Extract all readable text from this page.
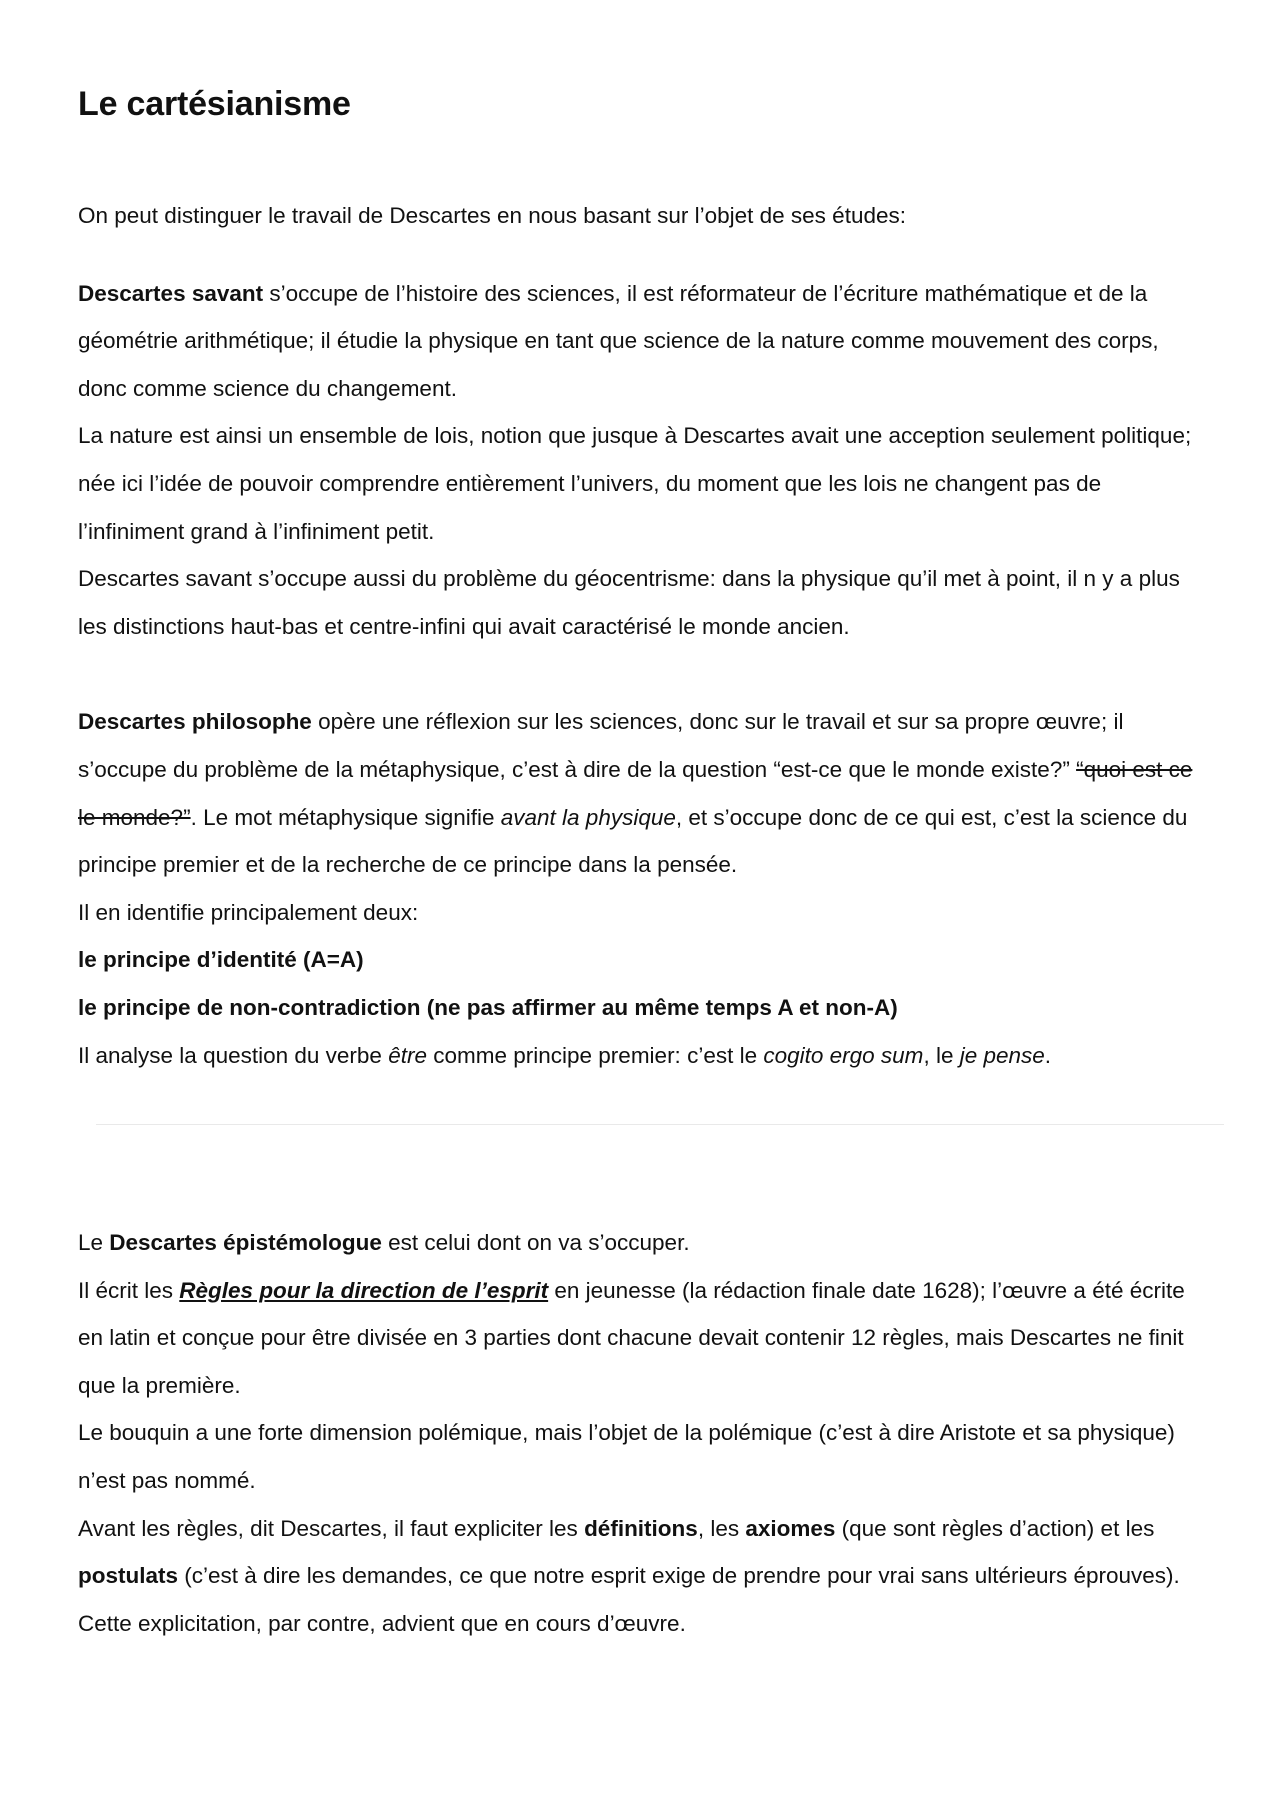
Le cartésianisme

On peut distinguer le travail de Descartes en nous basant sur l’objet de ses études:

Descartes savant s’occupe de l’histoire des sciences, il est réformateur de l’écriture mathématique et de la géométrie arithmétique; il étudie la physique en tant que science de la nature comme mouvement des corps, donc comme science du changement.

La nature est ainsi un ensemble de lois, notion que jusque à Descartes avait une acception seulement politique; née ici l’idée de pouvoir comprendre entièrement l’univers, du moment que les lois ne changent pas de l’infiniment grand à l’infiniment petit.

Descartes savant s’occupe aussi du problème du géocentrisme: dans la physique qu’il met à point, il n y a plus les distinctions haut-bas et centre-infini qui avait caractérisé le monde ancien.

Descartes philosophe opère une réflexion sur les sciences, donc sur le travail et sur sa propre œuvre; il s’occupe du problème de la métaphysique, c’est à dire de la question “est-ce que le monde existe?” “quoi est ce le monde?”. Le mot métaphysique signifie avant la physique, et s’occupe donc de ce qui est, c’est la science du principe premier et de la recherche de ce principe dans la pensée.

Il en identifie principalement deux:

le principe d’identité (A=A)

le principe de non-contradiction (ne pas affirmer au même temps A et non-A)

Il analyse la question du verbe être comme principe premier: c’est le cogito ergo sum, le je pense.

Le Descartes épistémologue est celui dont on va s’occuper.

Il écrit les Règles pour la direction de l’esprit en jeunesse (la rédaction finale date 1628); l’œuvre a été écrite en latin et conçue pour être divisée en 3 parties dont chacune devait contenir 12 règles, mais Descartes ne finit que la première.

Le bouquin a une forte dimension polémique, mais l’objet de la polémique (c’est à dire Aristote et sa physique) n’est pas nommé.

Avant les règles, dit Descartes, il faut expliciter les définitions, les axiomes (que sont règles d’action) et les postulats (c’est à dire les demandes, ce que notre esprit exige de prendre pour vrai sans ultérieurs éprouves). Cette explicitation, par contre, advient que en cours d’œuvre.
